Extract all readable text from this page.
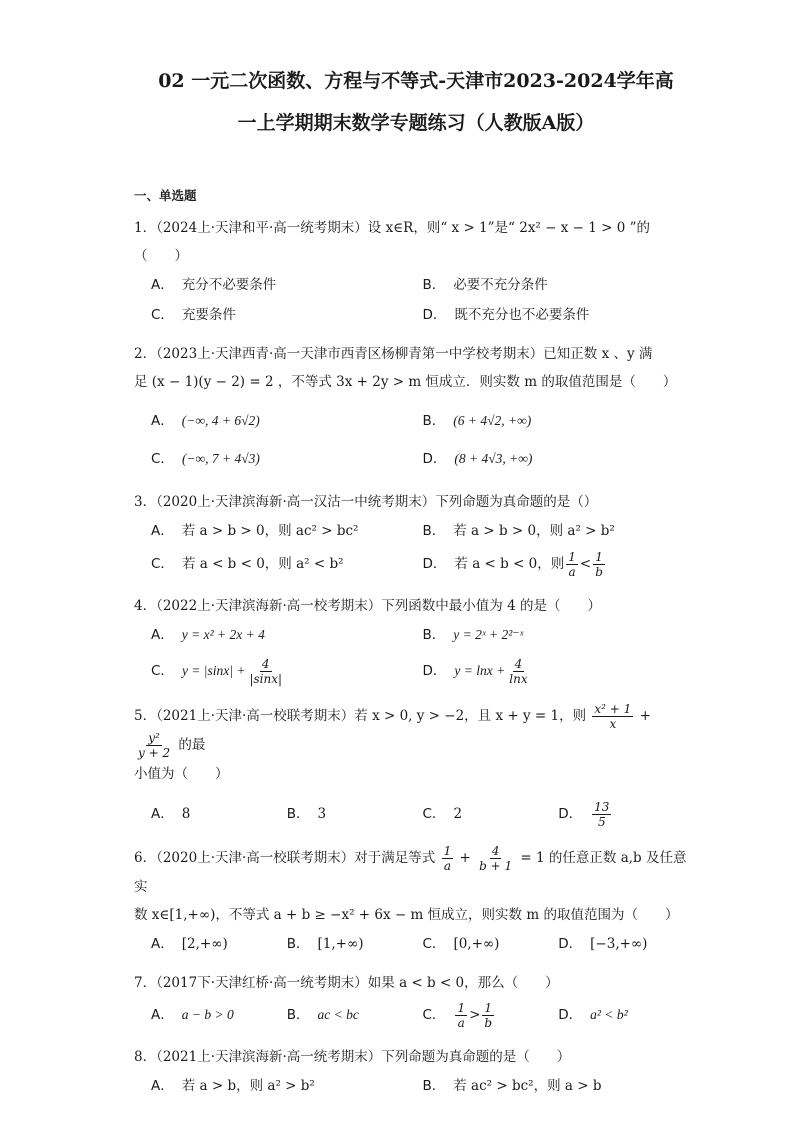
02 一元二次函数、方程与不等式-天津市2023-2024学年高
一上学期期末数学专题练习（人教版A版）
一、单选题
1．（2024上·天津和平·高一统考期末）设 x∈R，则“ x > 1”是“ 2x² − x − 1 > 0 ”的（　　）
A． 充分不必要条件	B． 必要不充分条件
C． 充要条件	D． 既不充分也不必要条件
2．（2023上·天津西青·高一天津市西青区杨柳青第一中学校考期末）已知正数 x 、y 满
足 (x − 1)(y − 2) = 2 ，不等式 3x + 2y > m 恒成立．则实数 m 的取值范围是（　　）
A． (−∞, 4 + 6√2)	B． (6 + 4√2, +∞)
C． (−∞, 7 + 4√3)	D． (8 + 4√3, +∞)
3．（2020上·天津滨海新·高一汉沽一中统考期末）下列命题为真命题的是（）
A． 若 a > b > 0，则 ac² > bc²	B． 若 a > b > 0，则 a² > b²
C． 若 a < b < 0，则 a² < b²	D． 若 a < b < 0，则 $\frac{1}{a} < \frac{1}{b}$
4．（2022上·天津滨海新·高一校考期末）下列函数中最小值为 4 的是（　　）
A． y = x² + 2x + 4	B． y = 2ˣ + 2²⁻ˣ
C． $y = |\sin x| + \frac{4}{|\sin x|}$	D． $y = \ln x + \frac{4}{\ln x}$
5．（2021上·天津·高一校联考期末）若 x > 0, y > −2，且 x + y = 1，则 $\frac{\text{x² + 1}}{x}$ +
$\frac{\text{y²}}{y + 2}$ 的最
小值为（　　）
A． 8	B． 3	C． 2	D． $\frac{13}{5}$
6．（2020上·天津·高一校联考期末）对于满足等式 $\frac{1}{a} + \frac{4}{b + 1} = 1$ 的任意正数 a,b 及任意实
数 x∈[1,+∞)，不等式 a + b ≥ −x² + 6x − m 恒成立，则实数 m 的取值范围为（　　）
A． [2,+∞)	B． [1,+∞)	C． [0,+∞)	D． [−3,+∞)
7．（2017下·天津红桥·高一统考期末）如果 a < b < 0，那么（　　）
A． a − b > 0	B． ac < bc	C． $\frac{1}{a} > \frac{1}{b}$	D． a² < b²
8．（2021上·天津滨海新·高一统考期末）下列命题为真命题的是（　　）
A． 若 a > b，则 a² > b²	B． 若 ac² > bc²，则 a > b
